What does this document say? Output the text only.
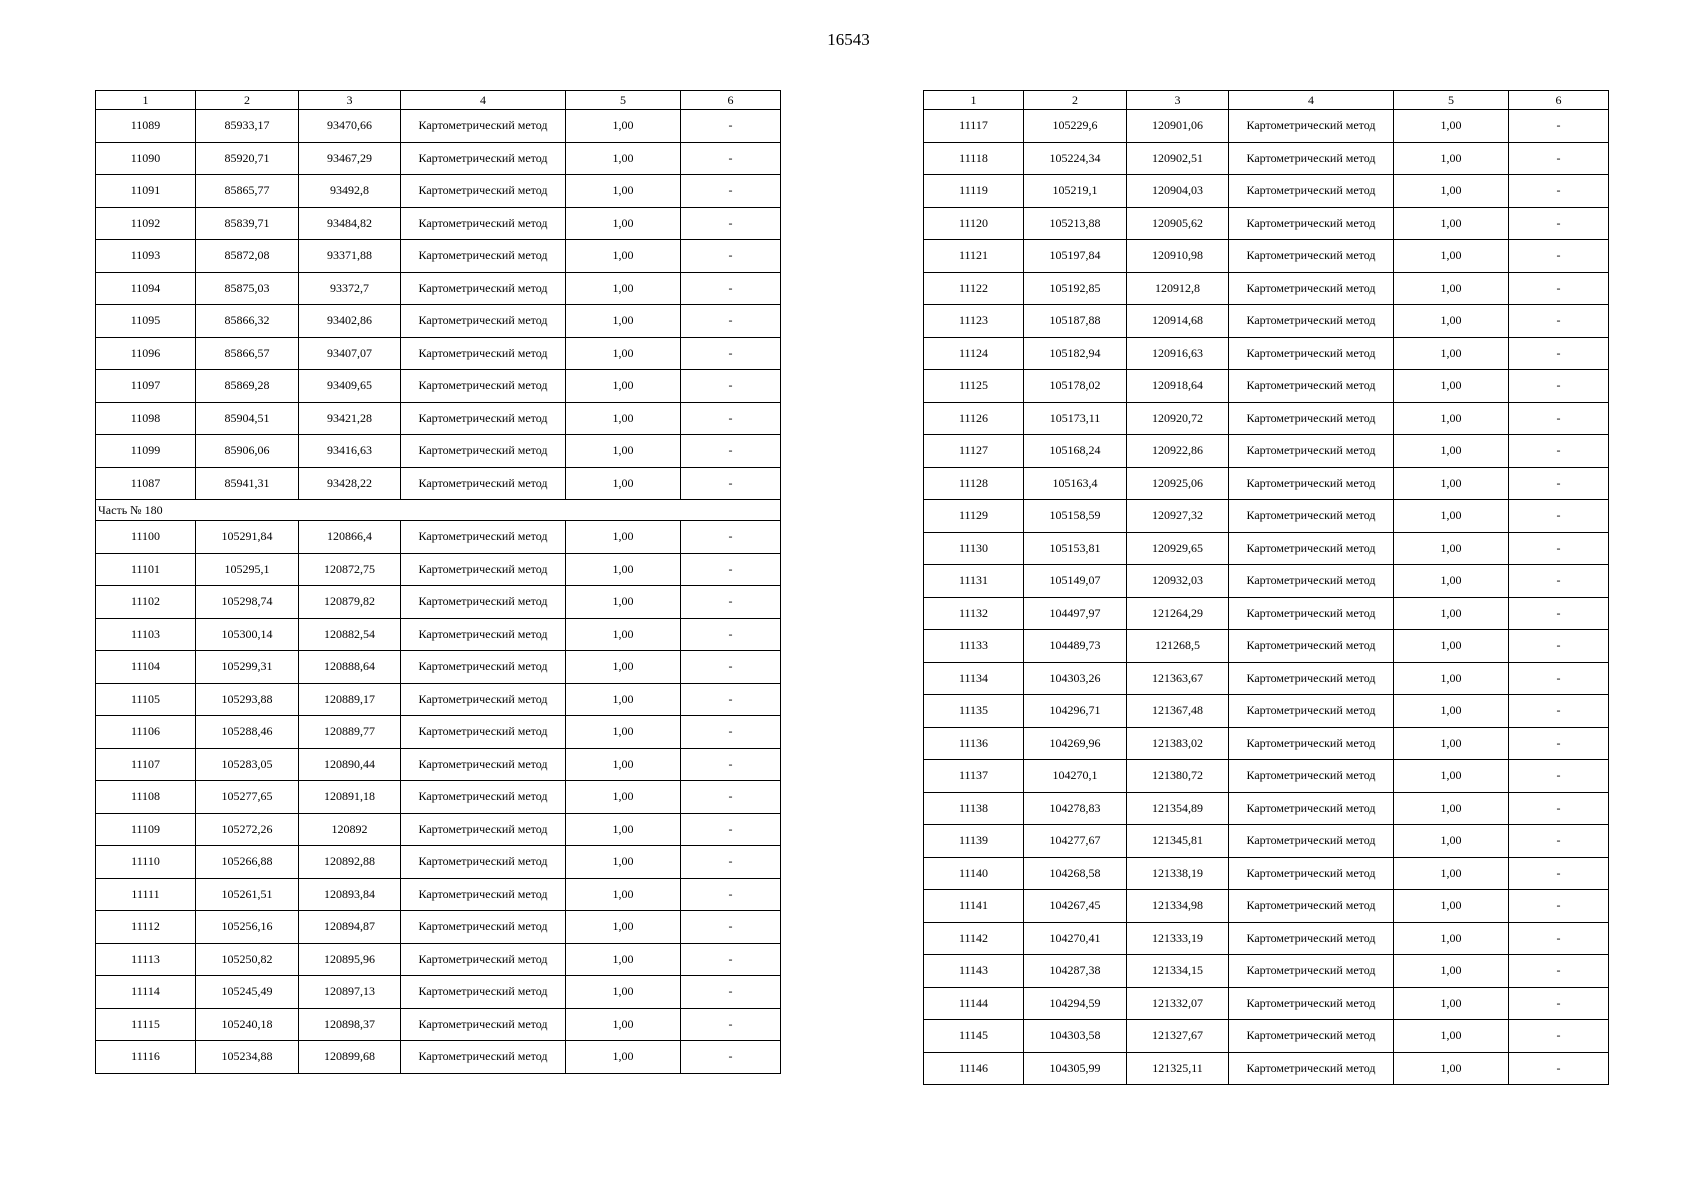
16543
1	2	3	4	5	6
11089	85933,17	93470,66	Картометрический метод	1,00	-
11090	85920,71	93467,29	Картометрический метод	1,00	-
11091	85865,77	93492,8	Картометрический метод	1,00	-
11092	85839,71	93484,82	Картометрический метод	1,00	-
11093	85872,08	93371,88	Картометрический метод	1,00	-
11094	85875,03	93372,7	Картометрический метод	1,00	-
11095	85866,32	93402,86	Картометрический метод	1,00	-
11096	85866,57	93407,07	Картометрический метод	1,00	-
11097	85869,28	93409,65	Картометрический метод	1,00	-
11098	85904,51	93421,28	Картометрический метод	1,00	-
11099	85906,06	93416,63	Картометрический метод	1,00	-
11087	85941,31	93428,22	Картометрический метод	1,00	-
Часть № 180					
11100	105291,84	120866,4	Картометрический метод	1,00	-
11101	105295,1	120872,75	Картометрический метод	1,00	-
11102	105298,74	120879,82	Картометрический метод	1,00	-
11103	105300,14	120882,54	Картометрический метод	1,00	-
11104	105299,31	120888,64	Картометрический метод	1,00	-
11105	105293,88	120889,17	Картометрический метод	1,00	-
11106	105288,46	120889,77	Картометрический метод	1,00	-
11107	105283,05	120890,44	Картометрический метод	1,00	-
11108	105277,65	120891,18	Картометрический метод	1,00	-
11109	105272,26	120892	Картометрический метод	1,00	-
11110	105266,88	120892,88	Картометрический метод	1,00	-
11111	105261,51	120893,84	Картометрический метод	1,00	-
11112	105256,16	120894,87	Картометрический метод	1,00	-
11113	105250,82	120895,96	Картометрический метод	1,00	-
11114	105245,49	120897,13	Картометрический метод	1,00	-
11115	105240,18	120898,37	Картометрический метод	1,00	-
11116	105234,88	120899,68	Картометрический метод	1,00	-
1	2	3	4	5	6
11117	105229,6	120901,06	Картометрический метод	1,00	-
11118	105224,34	120902,51	Картометрический метод	1,00	-
11119	105219,1	120904,03	Картометрический метод	1,00	-
11120	105213,88	120905,62	Картометрический метод	1,00	-
11121	105197,84	120910,98	Картометрический метод	1,00	-
11122	105192,85	120912,8	Картометрический метод	1,00	-
11123	105187,88	120914,68	Картометрический метод	1,00	-
11124	105182,94	120916,63	Картометрический метод	1,00	-
11125	105178,02	120918,64	Картометрический метод	1,00	-
11126	105173,11	120920,72	Картометрический метод	1,00	-
11127	105168,24	120922,86	Картометрический метод	1,00	-
11128	105163,4	120925,06	Картометрический метод	1,00	-
11129	105158,59	120927,32	Картометрический метод	1,00	-
11130	105153,81	120929,65	Картометрический метод	1,00	-
11131	105149,07	120932,03	Картометрический метод	1,00	-
11132	104497,97	121264,29	Картометрический метод	1,00	-
11133	104489,73	121268,5	Картометрический метод	1,00	-
11134	104303,26	121363,67	Картометрический метод	1,00	-
11135	104296,71	121367,48	Картометрический метод	1,00	-
11136	104269,96	121383,02	Картометрический метод	1,00	-
11137	104270,1	121380,72	Картометрический метод	1,00	-
11138	104278,83	121354,89	Картометрический метод	1,00	-
11139	104277,67	121345,81	Картометрический метод	1,00	-
11140	104268,58	121338,19	Картометрический метод	1,00	-
11141	104267,45	121334,98	Картометрический метод	1,00	-
11142	104270,41	121333,19	Картометрический метод	1,00	-
11143	104287,38	121334,15	Картометрический метод	1,00	-
11144	104294,59	121332,07	Картометрический метод	1,00	-
11145	104303,58	121327,67	Картометрический метод	1,00	-
11146	104305,99	121325,11	Картометрический метод	1,00	-
